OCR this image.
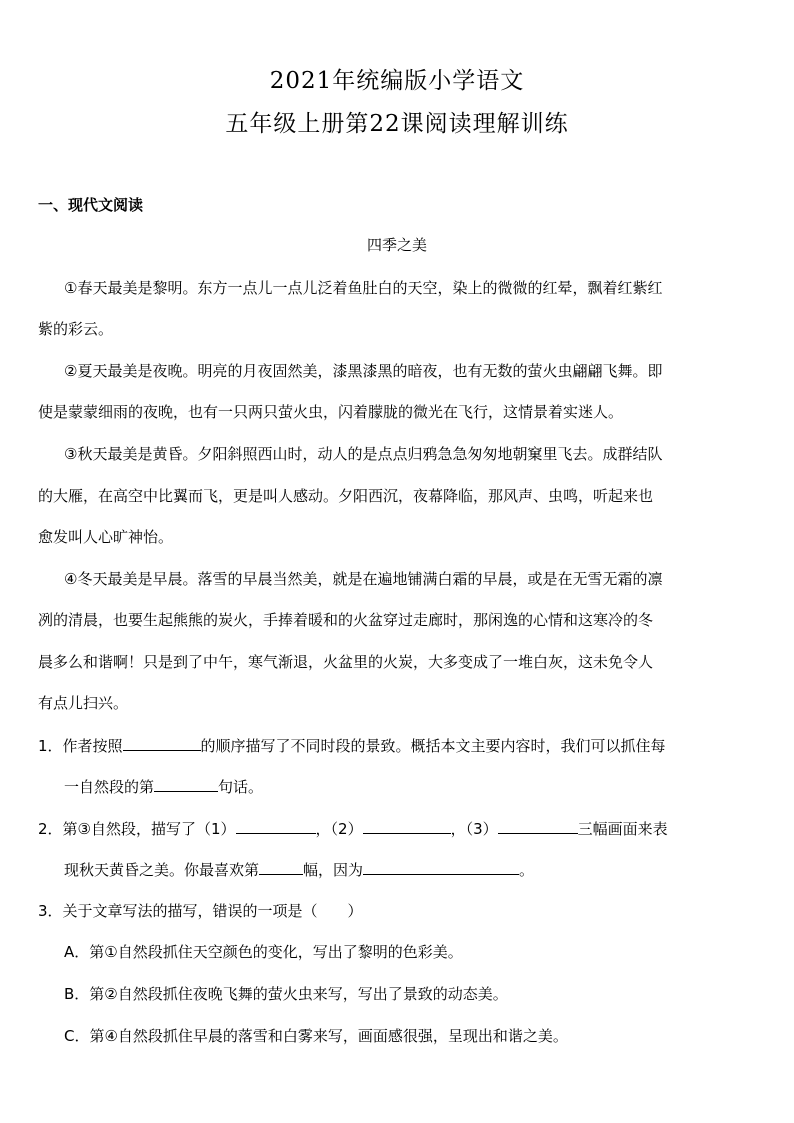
2021年统编版小学语文
五年级上册第22课阅读理解训练
一、现代文阅读
四季之美
①春天最美是黎明。东方一点儿一点儿泛着鱼肚白的天空，染上的微微的红晕，飘着红紫红
紫的彩云。
②夏天最美是夜晚。明亮的月夜固然美，漆黑漆黑的暗夜，也有无数的萤火虫翩翩飞舞。即
使是蒙蒙细雨的夜晚，也有一只两只萤火虫，闪着朦胧的微光在飞行，这情景着实迷人。
③秋天最美是黄昏。夕阳斜照西山时，动人的是点点归鸦急急匆匆地朝窠里飞去。成群结队
的大雁，在高空中比翼而飞，更是叫人感动。夕阳西沉，夜幕降临，那风声、虫鸣，听起来也
愈发叫人心旷神怡。
④冬天最美是早晨。落雪的早晨当然美，就是在遍地铺满白霜的早晨，或是在无雪无霜的凛
冽的清晨，也要生起熊熊的炭火，手捧着暖和的火盆穿过走廊时，那闲逸的心情和这寒冷的冬
晨多么和谐啊！只是到了中午，寒气渐退，火盆里的火炭，大多变成了一堆白灰，这未免令人
有点儿扫兴。
1．作者按照	的顺序描写了不同时段的景致。概括本文主要内容时，我们可以抓住每
一自然段的第	句话。
2．第③自然段，描写了（1）	，（2）	，（3）	三幅画面来表
现秋天黄昏之美。你最喜欢第	幅，因为	。
3．关于文章写法的描写，错误的一项是（　　）
A．第①自然段抓住天空颜色的变化，写出了黎明的色彩美。
B．第②自然段抓住夜晚飞舞的萤火虫来写，写出了景致的动态美。
C．第④自然段抓住早晨的落雪和白雾来写，画面感很强，呈现出和谐之美。
